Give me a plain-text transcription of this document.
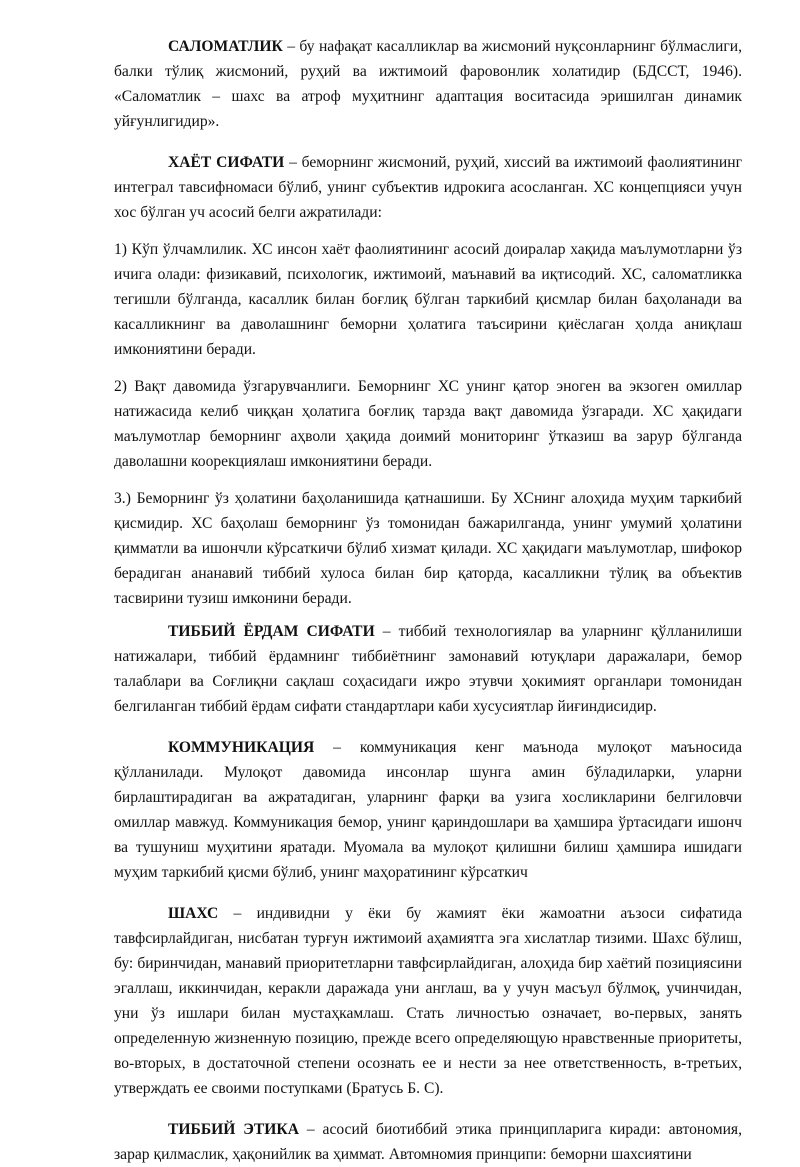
САЛОМАТЛИК – бу нафақат касалликлар ва жисмоний нуқсонларнинг бўлмаслиги, балки тўлиқ жисмоний, руҳий ва ижтимоий фаровонлик холатидир (БДССТ, 1946). «Саломатлик – шахс ва атроф муҳитнинг адаптация воситасида эришилган динамик уйғунлигидир».

ХАЁТ СИФАТИ – беморнинг жисмоний, руҳий, хиссий ва ижтимоий фаолиятининг интеграл тавсифномаси бўлиб, унинг субъектив идрокига асосланган. ХС концепцияси учун хос бўлган уч асосий белги ажратилади:

1) Кўп ўлчамлилик. ХС инсон хаёт фаолиятининг асосий доиралар хақида маълумотларни ўз ичига олади: физикавий, психологик, ижтимоий, маънавий ва иқтисодий. ХС, саломатликка тегишли бўлганда, касаллик билан боғлиқ бўлган таркибий қисмлар билан баҳоланади ва касалликнинг ва даволашнинг беморни ҳолатига таъсирини қиёслаган ҳолда аниқлаш имкониятини беради.

2) Вақт давомида ўзгарувчанлиги. Беморнинг ХС унинг қатор эноген ва экзоген омиллар натижасида келиб чиққан ҳолатига боғлиқ тарзда вақт давомида ўзгаради. ХС ҳақидаги маълумотлар беморнинг аҳволи ҳақида доимий мониторинг ўтказиш ва зарур бўлганда даволашни коорекциялаш имкониятини беради.

3.) Беморнинг ўз ҳолатини баҳоланишида қатнашиши. Бу ХСнинг алоҳида муҳим таркибий қисмидир. ХС баҳолаш беморнинг ўз томонидан бажарилганда, унинг умумий ҳолатини қимматли ва ишончли кўрсаткичи бўлиб хизмат қилади. ХС ҳақидаги маълумотлар, шифокор берадиган ананавий тиббий хулоса билан бир қаторда, касалликни тўлиқ ва объектив тасвирини тузиш имконини беради.

ТИББИЙ ЁРДАМ СИФАТИ – тиббий технологиялар ва уларнинг қўлланилиши натижалари, тиббий ёрдамнинг тиббиётнинг замонавий ютуқлари даражалари, бемор талаблари ва Соғлиқни сақлаш соҳасидаги ижро этувчи ҳокимият органлари томонидан белгиланган тиббий ёрдам сифати стандартлари каби хусусиятлар йиғиндисидир.

КОММУНИКАЦИЯ – коммуникация кенг маънода мулоқот маъносида қўлланилади. Мулоқот давомида инсонлар шунга амин бўладиларки, уларни бирлаштирадиган ва ажратадиган, уларнинг фарқи ва узига хосликларини белгиловчи омиллар мавжуд. Коммуникация бемор, унинг қариндошлари ва ҳамшира ўртасидаги ишонч ва тушуниш муҳитини яратади. Муомала ва мулоқот қилишни билиш ҳамшира ишидаги муҳим таркибий қисми бўлиб, унинг маҳоратининг кўрсаткич

ШАХС – индивидни у ёки бу жамият ёки жамоатни аъзоси сифатида тавфсирлайдиган, нисбатан турғун ижтимоий аҳамиятга эга хислатлар тизими. Шахс бўлиш, бу: биринчидан, манавий приоритетларни тавфсирлайдиган, алоҳида бир хаётий позициясини эгаллаш, иккинчидан, керакли даражада уни англаш, ва у учун масъул бўлмоқ, учинчидан, уни ўз ишлари билан мустаҳкамлаш. Стать личностью означает, во-первых, занять определенную жизненную позицию, прежде всего определяющую нравственные приоритеты, во-вторых, в достаточной степени осознать ее и нести за нее ответственность, в-третьих, утверждать ее своими поступками (Братусь Б. С).

ТИББИЙ ЭТИКА – асосий биотиббий этика принципларига киради: автономия, зарар қилмаслик, ҳақонийлик ва ҳиммат. Автомномия принципи: беморни шахсиятини
